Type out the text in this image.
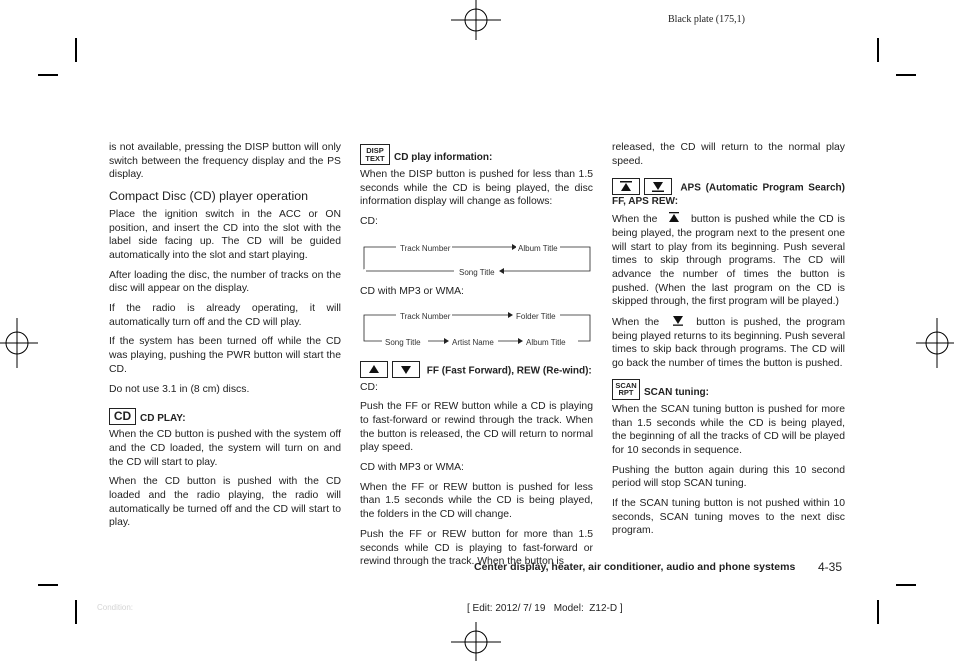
Black plate (175,1)

is not available, pressing the DISP button will only switch between the frequency display and the PS display.

Compact Disc (CD) player operation

Place the ignition switch in the ACC or ON position, and insert the CD into the slot with the label side facing up. The CD will be guided automatically into the slot and start playing.

After loading the disc, the number of tracks on the disc will appear on the display.

If the radio is already operating, it will automatically turn off and the CD will play.

If the system has been turned off while the CD was playing, pushing the PWR button will start the CD.

Do not use 3.1 in (8 cm) discs.

CD CD PLAY:

When the CD button is pushed with the system off and the CD loaded, the system will turn on and the CD will start to play.

When the CD button is pushed with the CD loaded and the radio playing, the radio will automatically be turned off and the CD will start to play.

DISP
TEXT CD play information:

When the DISP button is pushed for less than 1.5 seconds while the CD is being played, the disc information display will change as follows:

CD:

Track Number	Album Title
Song Title

CD with MP3 or WMA:

Track Number	Folder Title
Song Title	Artist Name	Album Title
FF (Fast Forward), REW (Re-wind):

CD:

Push the FF or REW button while a CD is playing to fast-forward or rewind through the track. When the button is released, the CD will return to normal play speed.

CD with MP3 or WMA:

When the FF or REW button is pushed for less than 1.5 seconds while the CD is being played, the folders in the CD will change.

Push the FF or REW button for more than 1.5 seconds while CD is playing to fast-forward or rewind through the track. When the button is

released, the CD will return to the normal play speed.

APS (Automatic Program Search) FF, APS REW:

When the	button is pushed while the CD is being played, the program next to the present one will start to play from its beginning. Push several times to skip through programs. The CD will advance the number of times the button is pushed. (When the last program on the CD is skipped through, the first program will be played.)

When the	button is pushed, the program being played returns to its beginning. Push several times to skip back through programs. The CD will go back the number of times the button is pushed.

SCAN
RPT SCAN tuning:

When the SCAN tuning button is pushed for more than 1.5 seconds while the CD is being played, the beginning of all the tracks of CD will be played for 10 seconds in sequence.

Pushing the button again during this 10 second period will stop SCAN tuning.

If the SCAN tuning button is not pushed within 10 seconds, SCAN tuning moves to the next disc program.

Center display, heater, air conditioner, audio and phone systems 4-35
Condition:	[ Edit: 2012/ 7/ 19   Model:  Z12-D ]
